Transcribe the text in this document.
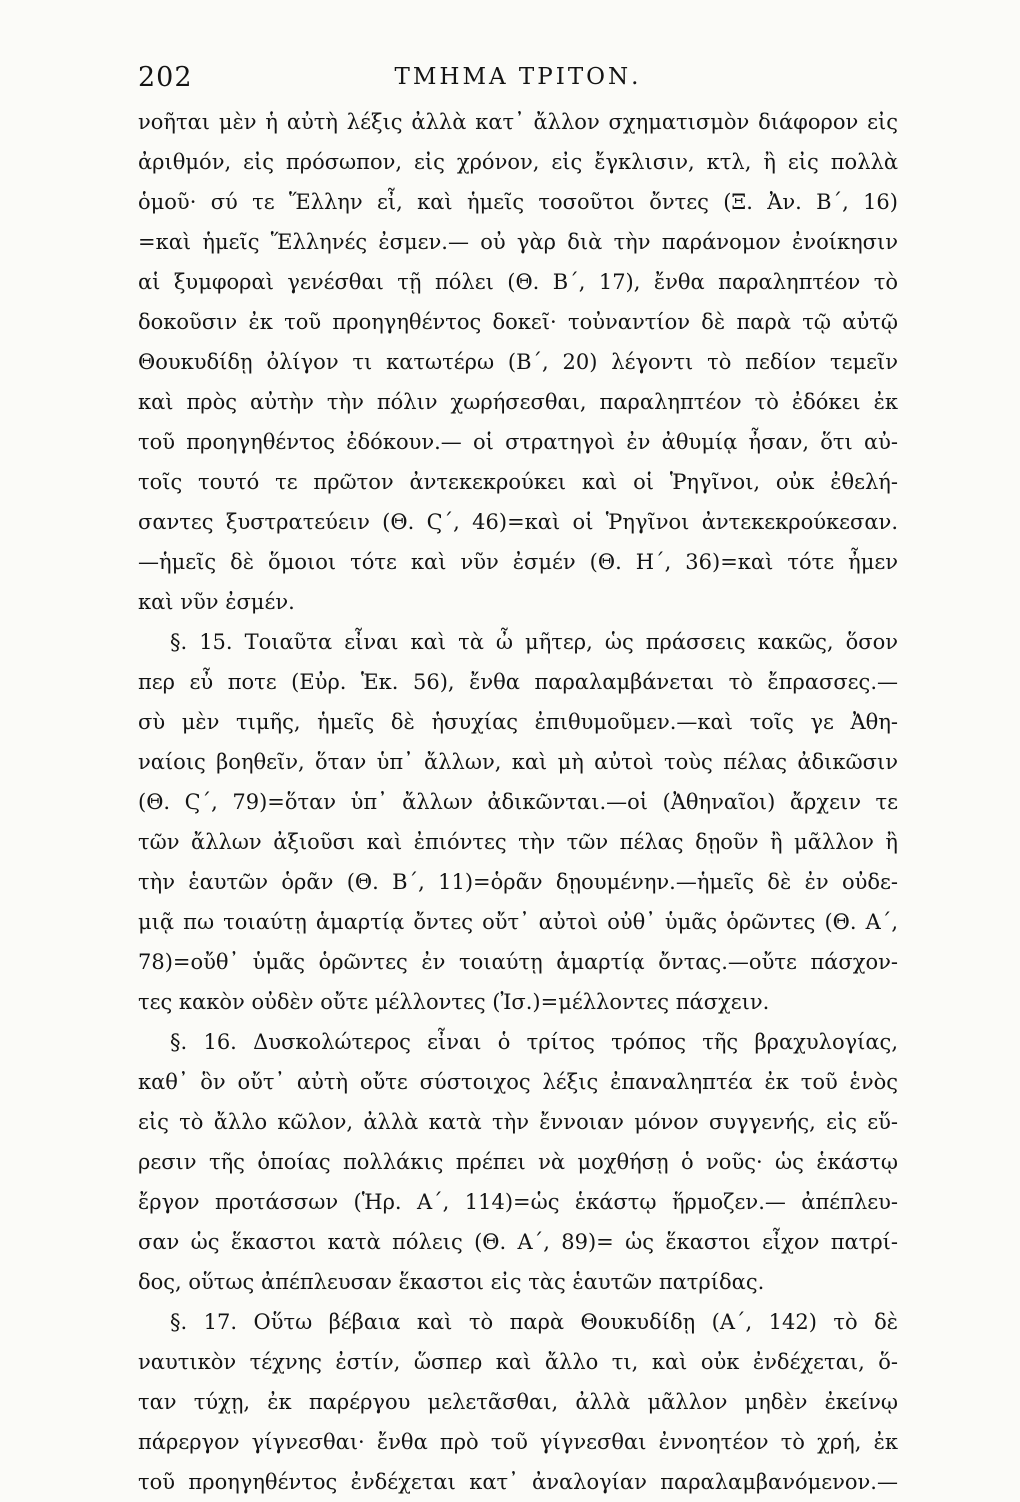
202	ΤΜΗΜΑ ΤΡΙΤΟΝ.
νοῆται μὲν ἡ αὐτὴ λέξις ἀλλὰ κατ᾽ ἄλλον σχηματισμὸν διάφορον εἰς
ἀριθμόν, εἰς πρόσωπον, εἰς χρόνον, εἰς ἔγκλισιν, κτλ, ἢ εἰς πολλὰ
ὁμοῦ· σύ τε Ἕλλην εἶ, καὶ ἡμεῖς τοσοῦτοι ὄντες (Ξ. Ἀν. Β΄, 16)
=καὶ ἡμεῖς Ἕλληνές ἐσμεν.— οὐ γὰρ διὰ τὴν παράνομον ἐνοίκησιν
αἱ ξυμφοραὶ γενέσθαι τῇ πόλει (Θ. Β΄, 17), ἔνθα παραληπτέον τὸ
δοκοῦσιν ἐκ τοῦ προηγηθέντος δοκεῖ· τοὐναντίον δὲ παρὰ τῷ αὐτῷ
Θουκυδίδῃ ὀλίγον τι κατωτέρω (Β΄, 20) λέγοντι τὸ πεδίον τεμεῖν
καὶ πρὸς αὐτὴν τὴν πόλιν χωρήσεσθαι, παραληπτέον τὸ ἐδόκει ἐκ
τοῦ προηγηθέντος ἐδόκουν.— οἱ στρατηγοὶ ἐν ἀθυμίᾳ ἦσαν, ὅτι αὐ-
τοῖς τουτό τε πρῶτον ἀντεκεκρούκει καὶ οἱ Ῥηγῖνοι, οὐκ ἐθελή-
σαντες ξυστρατεύειν (Θ. Ϛ΄, 46)=καὶ οἱ Ῥηγῖνοι ἀντεκεκρούκεσαν.
—ἡμεῖς δὲ ὅμοιοι τότε καὶ νῦν ἐσμέν (Θ. Η΄, 36)=καὶ τότε ἦμεν
καὶ νῦν ἐσμέν.
§. 15. Τοιαῦτα εἶναι καὶ τὰ ὦ μῆτερ, ὡς πράσσεις κακῶς, ὅσον
περ εὖ ποτε (Εὐρ. Ἑκ. 56), ἔνθα παραλαμβάνεται τὸ ἔπρασσες.—
σὺ μὲν τιμῆς, ἡμεῖς δὲ ἡσυχίας ἐπιθυμοῦμεν.—καὶ τοῖς γε Ἀθη-
ναίοις βοηθεῖν, ὅταν ὑπ᾽ ἄλλων, καὶ μὴ αὐτοὶ τοὺς πέλας ἀδικῶσιν
(Θ. Ϛ΄, 79)=ὅταν ὑπ᾽ ἄλλων ἀδικῶνται.—οἱ (Ἀθηναῖοι) ἄρχειν τε
τῶν ἄλλων ἀξιοῦσι καὶ ἐπιόντες τὴν τῶν πέλας δῃοῦν ἢ μᾶλλον ἢ
τὴν ἑαυτῶν ὁρᾶν (Θ. Β΄, 11)=ὁρᾶν δῃουμένην.—ἡμεῖς δὲ ἐν οὐδε-
μιᾷ πω τοιαύτῃ ἁμαρτίᾳ ὄντες οὔτ᾽ αὐτοὶ οὐθ᾽ ὑμᾶς ὁρῶντες (Θ. Α΄,
78)=οὔθ᾽ ὑμᾶς ὁρῶντες ἐν τοιαύτῃ ἁμαρτίᾳ ὄντας.—οὔτε πάσχον-
τες κακὸν οὐδὲν οὔτε μέλλοντες (Ἰσ.)=μέλλοντες πάσχειν.
§. 16. Δυσκολώτερος εἶναι ὁ τρίτος τρόπος τῆς βραχυλογίας,
καθ᾽ ὃν οὔτ᾽ αὐτὴ οὔτε σύστοιχος λέξις ἐπαναληπτέα ἐκ τοῦ ἑνὸς
εἰς τὸ ἄλλο κῶλον, ἀλλὰ κατὰ τὴν ἔννοιαν μόνον συγγενής, εἰς εὕ-
ρεσιν τῆς ὁποίας πολλάκις πρέπει νὰ μοχθήσῃ ὁ νοῦς· ὡς ἑκάστῳ
ἔργον προτάσσων (Ἡρ. Α΄, 114)=ὡς ἑκάστῳ ἥρμοζεν.— ἀπέπλευ-
σαν ὡς ἕκαστοι κατὰ πόλεις (Θ. Α΄, 89)= ὡς ἕκαστοι εἶχον πατρί-
δος, οὕτως ἀπέπλευσαν ἕκαστοι εἰς τὰς ἑαυτῶν πατρίδας.
§. 17. Οὕτω βέβαια καὶ τὸ παρὰ Θουκυδίδῃ (Α΄, 142) τὸ δὲ
ναυτικὸν τέχνης ἐστίν, ὥσπερ καὶ ἄλλο τι, καὶ οὐκ ἐνδέχεται, ὅ-
ταν τύχῃ, ἐκ παρέργου μελετᾶσθαι, ἀλλὰ μᾶλλον μηδὲν ἐκείνῳ
πάρεργον γίγνεσθαι· ἔνθα πρὸ τοῦ γίγνεσθαι ἐννοητέον τὸ χρή, ἐκ
τοῦ προηγηθέντος ἐνδέχεται κατ᾽ ἀναλογίαν παραλαμβανόμενον.—
